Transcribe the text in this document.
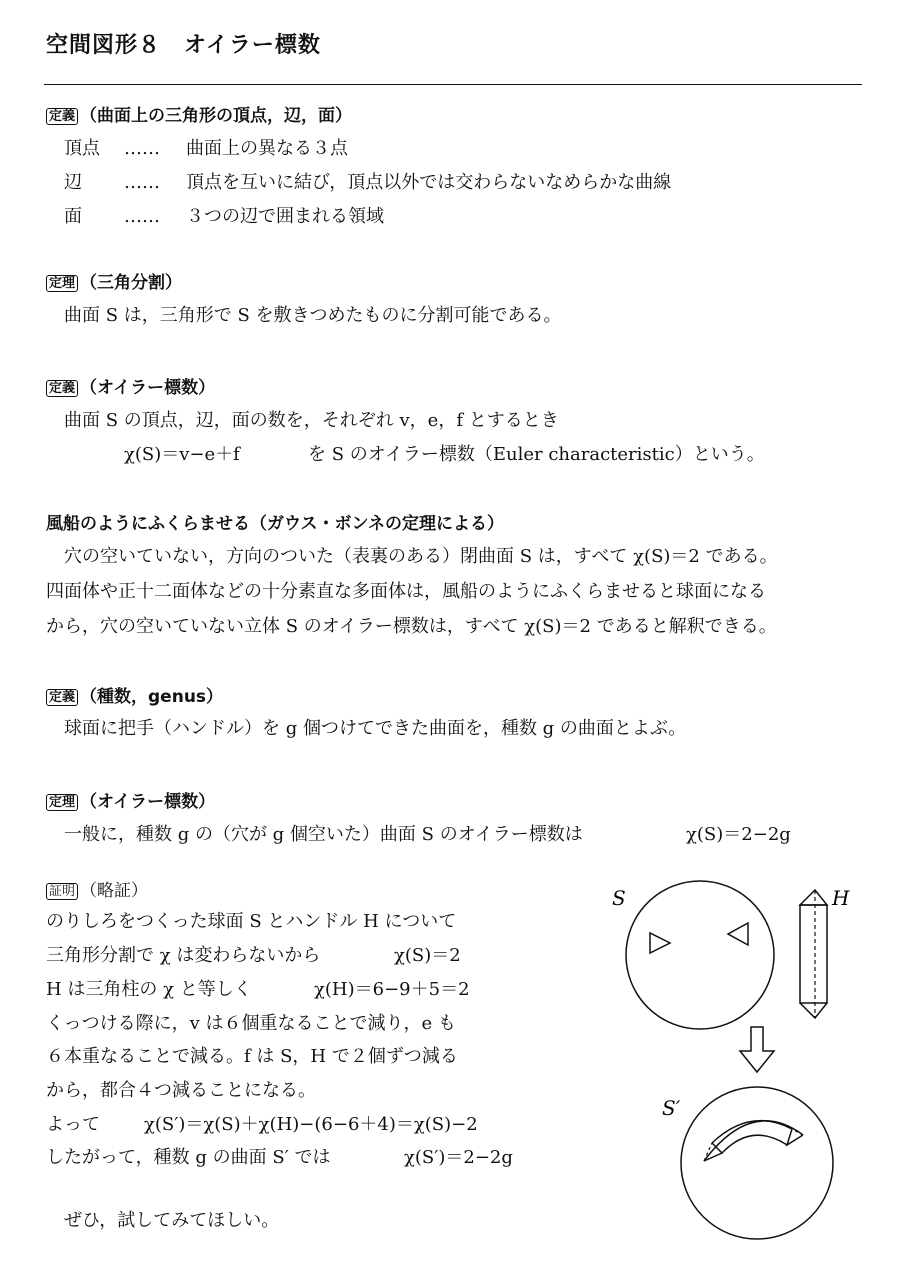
空間図形８　オイラー標数
定義 （曲面上の三角形の頂点，辺，面）
頂点 …… 曲面上の異なる３点
辺 …… 頂点を互いに結び，頂点以外では交わらないなめらかな曲線
面 …… ３つの辺で囲まれる領域
定理 （三角分割）
曲面 S は，三角形で S を敷きつめたものに分割可能である。
定義 （オイラー標数）
曲面 S の頂点，辺，面の数を，それぞれ v，e，f とするとき
χ(S)＝v−e＋f	を S のオイラー標数（Euler characteristic）という。
風船のようにふくらませる（ガウス・ボンネの定理による）
穴の空いていない，方向のついた（表裏のある）閉曲面 S は，すべて χ(S)＝2 である。
四面体や正十二面体などの十分素直な多面体は，風船のようにふくらませると球面になる
から，穴の空いていない立体 S のオイラー標数は，すべて χ(S)＝2 であると解釈できる。
定義 （種数，genus）
球面に把手（ハンドル）を g 個つけてできた曲面を，種数 g の曲面とよぶ。
定理 （オイラー標数）
一般に，種数 g の（穴が g 個空いた）曲面 S のオイラー標数は	χ(S)＝2−2g
証明 （略証）
のりしろをつくった球面 S とハンドル H について
三角形分割で χ は変わらないから	χ(S)＝2
H は三角柱の χ と等しく	χ(H)＝6−9＋5＝2
くっつける際に，v は６個重なることで減り，e も
６本重なることで減る。f は S，H で２個ずつ減る
から，都合４つ減ることになる。
よって χ(S′)＝χ(S)＋χ(H)−(6−6＋4)＝χ(S)−2
したがって，種数 g の曲面 S′ では	χ(S′)＝2−2g
ぜひ，試してみてほしい。
S	H
S′
